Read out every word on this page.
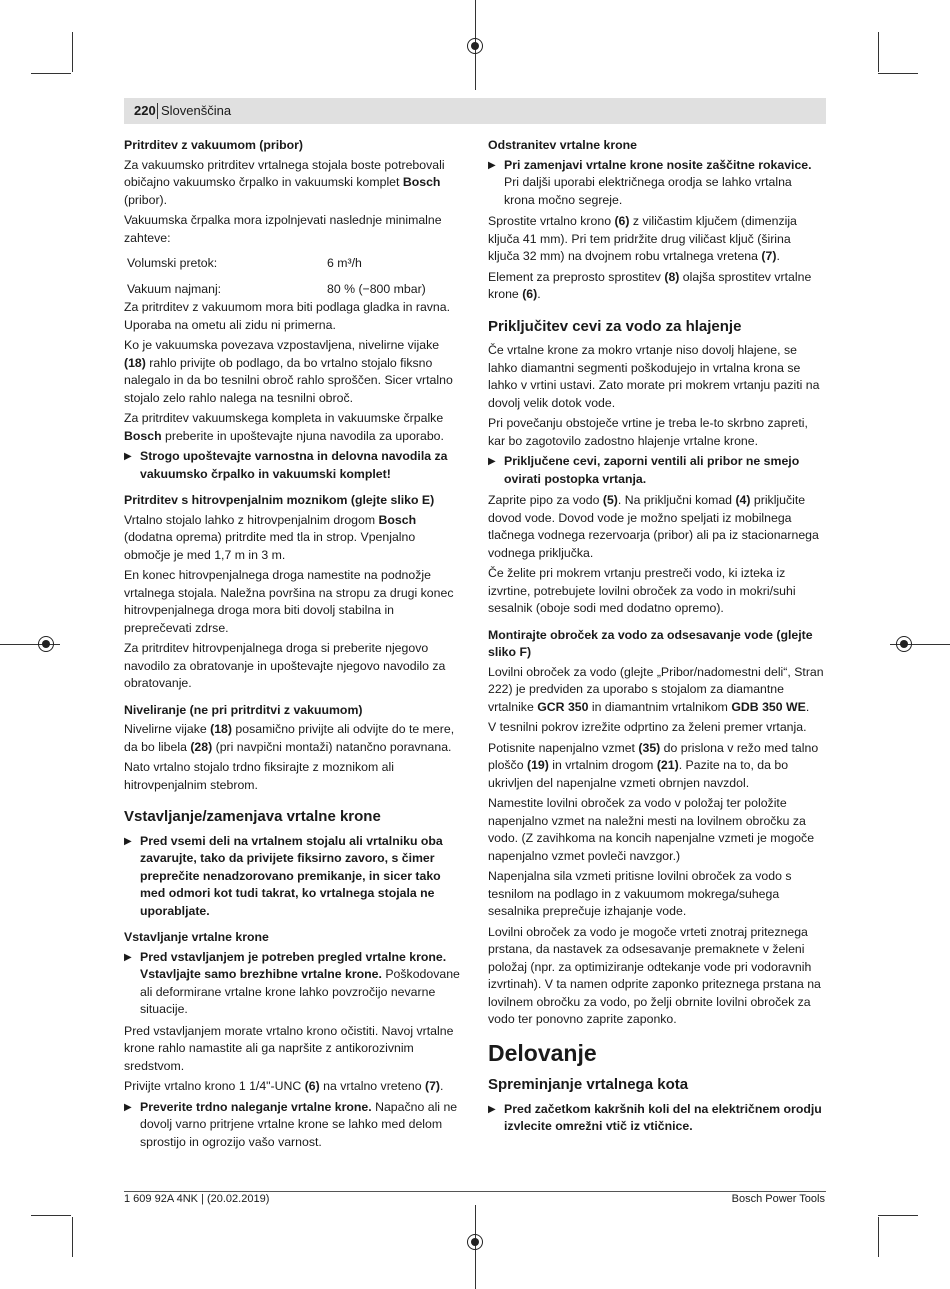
220 Slovenščina
Pritrditev z vakuumom (pribor)

Za vakuumsko pritrditev vrtalnega stojala boste potrebovali običajno vakuumsko črpalko in vakuumski komplet Bosch (pribor).

Vakuumska črpalka mora izpolnjevati naslednje minimalne zahteve:

Volumski pretok:	6 m³/h
Vakuum najmanj:	80 % (−800 mbar)

Za pritrditev z vakuumom mora biti podlaga gladka in ravna. Uporaba na ometu ali zidu ni primerna.

Ko je vakuumska povezava vzpostavljena, nivelirne vijake (18) rahlo privijte ob podlago, da bo vrtalno stojalo fiksno nalegalo in da bo tesnilni obroč rahlo sproščen. Sicer vrtalno stojalo zelo rahlo nalega na tesnilni obroč.

Za pritrditev vakuumskega kompleta in vakuumske črpalke Bosch preberite in upoštevajte njuna navodila za uporabo.

▶ Strogo upoštevajte varnostna in delovna navodila za vakuumsko črpalko in vakuumski komplet!
Pritrditev s hitrovpenjalnim moznikom (glejte sliko E)

Vrtalno stojalo lahko z hitrovpenjalnim drogom Bosch (dodatna oprema) pritrdite med tla in strop. Vpenjalno območje je med 1,7 m in 3 m.

En konec hitrovpenjalnega droga namestite na podnožje vrtalnega stojala. Naležna površina na stropu za drugi konec hitrovpenjalnega droga mora biti dovolj stabilna in preprečevati zdrse.

Za pritrditev hitrovpenjalnega droga si preberite njegovo navodilo za obratovanje in upoštevajte njegovo navodilo za obratovanje.

Niveliranje (ne pri pritrditvi z vakuumom)

Nivelirne vijake (18) posamično privijte ali odvijte do te mere, da bo libela (28) (pri navpični montaži) natančno poravnana.

Nato vrtalno stojalo trdno fiksirajte z moznikom ali hitrovpenjalnim stebrom.

Vstavljanje/zamenjava vrtalne krone
▶ Pred vsemi deli na vrtalnem stojalu ali vrtalniku oba zavarujte, tako da privijete fiksirno zavoro, s čimer preprečite nenadzorovano premikanje, in sicer tako med odmori kot tudi takrat, ko vrtalnega stojala ne uporabljate.
Vstavljanje vrtalne krone
▶ Pred vstavljanjem je potreben pregled vrtalne krone. Vstavljajte samo brezhibne vrtalne krone. Poškodovane ali deformirane vrtalne krone lahko povzročijo nevarne situacije.

Pred vstavljanjem morate vrtalno krono očistiti. Navoj vrtalne krone rahlo namastite ali ga napršite z antikorozivnim sredstvom.

Privijte vrtalno krono 1 1/4"-UNC (6) na vrtalno vreteno (7).

▶ Preverite trdno naleganje vrtalne krone. Napačno ali ne dovolj varno pritrjene vrtalne krone se lahko med delom sprostijo in ogrozijo vašo varnost.
Odstranitev vrtalne krone
▶ Pri zamenjavi vrtalne krone nosite zaščitne rokavice. Pri daljši uporabi električnega orodja se lahko vrtalna krona močno segreje.

Sprostite vrtalno krono (6) z viličastim ključem (dimenzija ključa 41 mm). Pri tem pridržite drug viličast ključ (širina ključa 32 mm) na dvojnem robu vrtalnega vretena (7).

Element za preprosto sprostitev (8) olajša sprostitev vrtalne krone (6).

Priključitev cevi za vodo za hlajenje

Če vrtalne krone za mokro vrtanje niso dovolj hlajene, se lahko diamantni segmenti poškodujejo in vrtalna krona se lahko v vrtini ustavi. Zato morate pri mokrem vrtanju paziti na dovolj velik dotok vode.

Pri povečanju obstoječe vrtine je treba le-to skrbno zapreti, kar bo zagotovilo zadostno hlajenje vrtalne krone.

▶ Priključene cevi, zaporni ventili ali pribor ne smejo ovirati postopka vrtanja.

Zaprite pipo za vodo (5). Na priključni komad (4) priključite dovod vode. Dovod vode je možno speljati iz mobilnega tlačnega vodnega rezervoarja (pribor) ali pa iz stacionarnega vodnega priključka.

Če želite pri mokrem vrtanju prestreči vodo, ki izteka iz izvrtine, potrebujete lovilni obroček za vodo in mokri/suhi sesalnik (oboje sodi med dodatno opremo).

Montirajte obroček za vodo za odsesavanje vode (glejte sliko F)

Lovilni obroček za vodo (glejte „Pribor/nadomestni deli“, Stran 222) je predviden za uporabo s stojalom za diamantne vrtalnike GCR 350 in diamantnim vrtalnikom GDB 350 WE.

V tesnilni pokrov izrežite odprtino za želeni premer vrtanja.

Potisnite napenjalno vzmet (35) do prislona v režo med talno ploščo (19) in vrtalnim drogom (21). Pazite na to, da bo ukrivljen del napenjalne vzmeti obrnjen navzdol.

Namestite lovilni obroček za vodo v položaj ter položite napenjalno vzmet na naležni mesti na lovilnem obročku za vodo. (Z zavihkoma na koncih napenjalne vzmeti je mogoče napenjalno vzmet povleči navzgor.)

Napenjalna sila vzmeti pritisne lovilni obroček za vodo s tesnilom na podlago in z vakuumom mokrega/suhega sesalnika preprečuje izhajanje vode.

Lovilni obroček za vodo je mogoče vrteti znotraj priteznega prstana, da nastavek za odsesavanje premaknete v želeni položaj (npr. za optimiziranje odtekanje vode pri vodoravnih izvrtinah). V ta namen odprite zaponko priteznega prstana na lovilnem obročku za vodo, po želji obrnite lovilni obroček za vodo ter ponovno zaprite zaponko.

Delovanje
Spreminjanje vrtalnega kota
▶ Pred začetkom kakršnih koli del na električnem orodju izvlecite omrežni vtič iz vtičnice.
1 609 92A 4NK | (20.02.2019)	Bosch Power Tools
